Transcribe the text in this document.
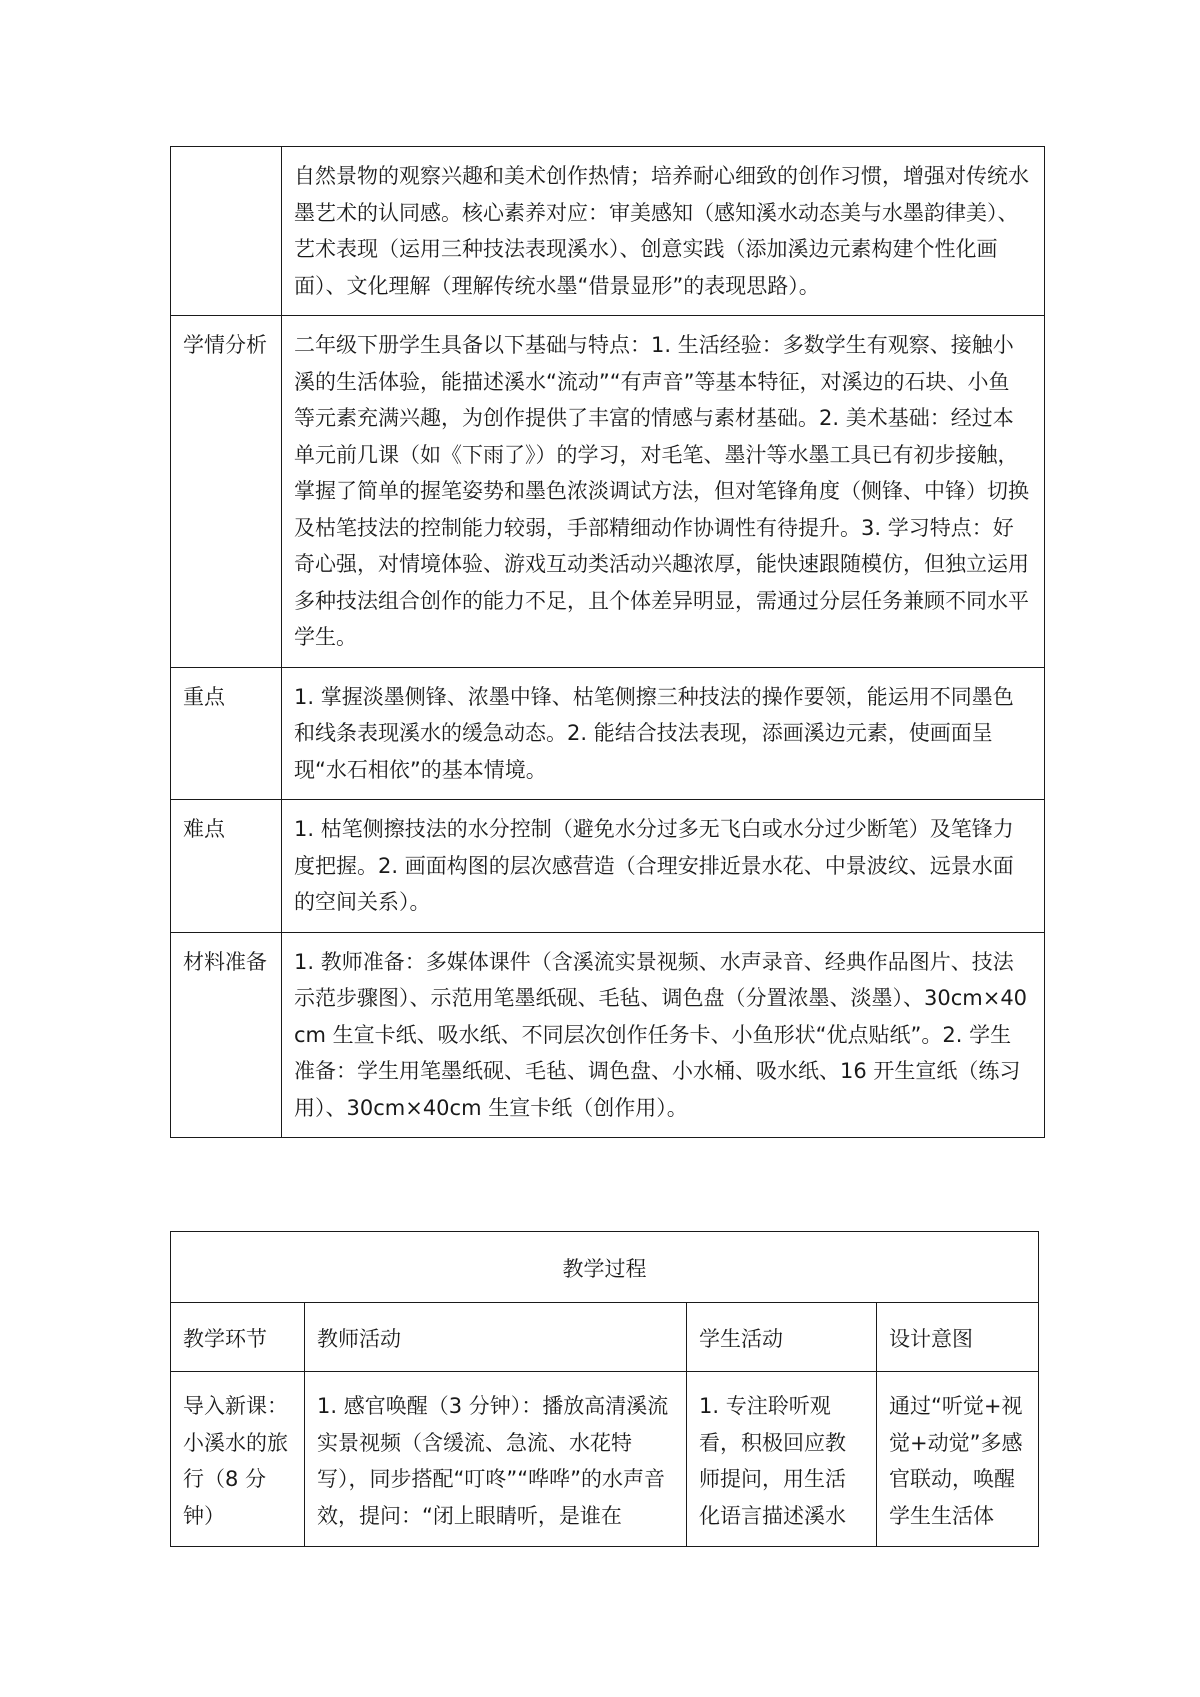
	自然景物的观察兴趣和美术创作热情；培养耐心细致的创作习惯，增强对传统水墨艺术的认同感。核心素养对应：审美感知（感知溪水动态美与水墨韵律美）、艺术表现（运用三种技法表现溪水）、创意实践（添加溪边元素构建个性化画面）、文化理解（理解传统水墨“借景显形”的表现思路）。
学情分析	二年级下册学生具备以下基础与特点：1. 生活经验：多数学生有观察、接触小溪的生活体验，能描述溪水“流动”“有声音”等基本特征，对溪边的石块、小鱼等元素充满兴趣，为创作提供了丰富的情感与素材基础。2. 美术基础：经过本单元前几课（如《下雨了》）的学习，对毛笔、墨汁等水墨工具已有初步接触，掌握了简单的握笔姿势和墨色浓淡调试方法，但对笔锋角度（侧锋、中锋）切换及枯笔技法的控制能力较弱，手部精细动作协调性有待提升。3. 学习特点：好奇心强，对情境体验、游戏互动类活动兴趣浓厚，能快速跟随模仿，但独立运用多种技法组合创作的能力不足，且个体差异明显，需通过分层任务兼顾不同水平学生。
重点	1. 掌握淡墨侧锋、浓墨中锋、枯笔侧擦三种技法的操作要领，能运用不同墨色和线条表现溪水的缓急动态。2. 能结合技法表现，添画溪边元素，使画面呈现“水石相依”的基本情境。
难点	1. 枯笔侧擦技法的水分控制（避免水分过多无飞白或水分过少断笔）及笔锋力度把握。2. 画面构图的层次感营造（合理安排近景水花、中景波纹、远景水面的空间关系）。
材料准备	1. 教师准备：多媒体课件（含溪流实景视频、水声录音、经典作品图片、技法示范步骤图）、示范用笔墨纸砚、毛毡、调色盘（分置浓墨、淡墨）、30cm×40cm 生宣卡纸、吸水纸、不同层次创作任务卡、小鱼形状“优点贴纸”。2. 学生准备：学生用笔墨纸砚、毛毡、调色盘、小水桶、吸水纸、16 开生宣纸（练习用）、30cm×40cm 生宣卡纸（创作用）。
教学过程			
教学环节	教师活动	学生活动	设计意图
导入新课：小溪水的旅行（8 分钟）	1. 感官唤醒（3 分钟）：播放高清溪流实景视频（含缓流、急流、水花特写），同步搭配“叮咚”“哗哗”的水声音效，提问：“闭上眼睛听，是谁在	1. 专注聆听观看，积极回应教师提问，用生活化语言描述溪水	通过“听觉+视觉+动觉”多感官联动，唤醒学生生活体
